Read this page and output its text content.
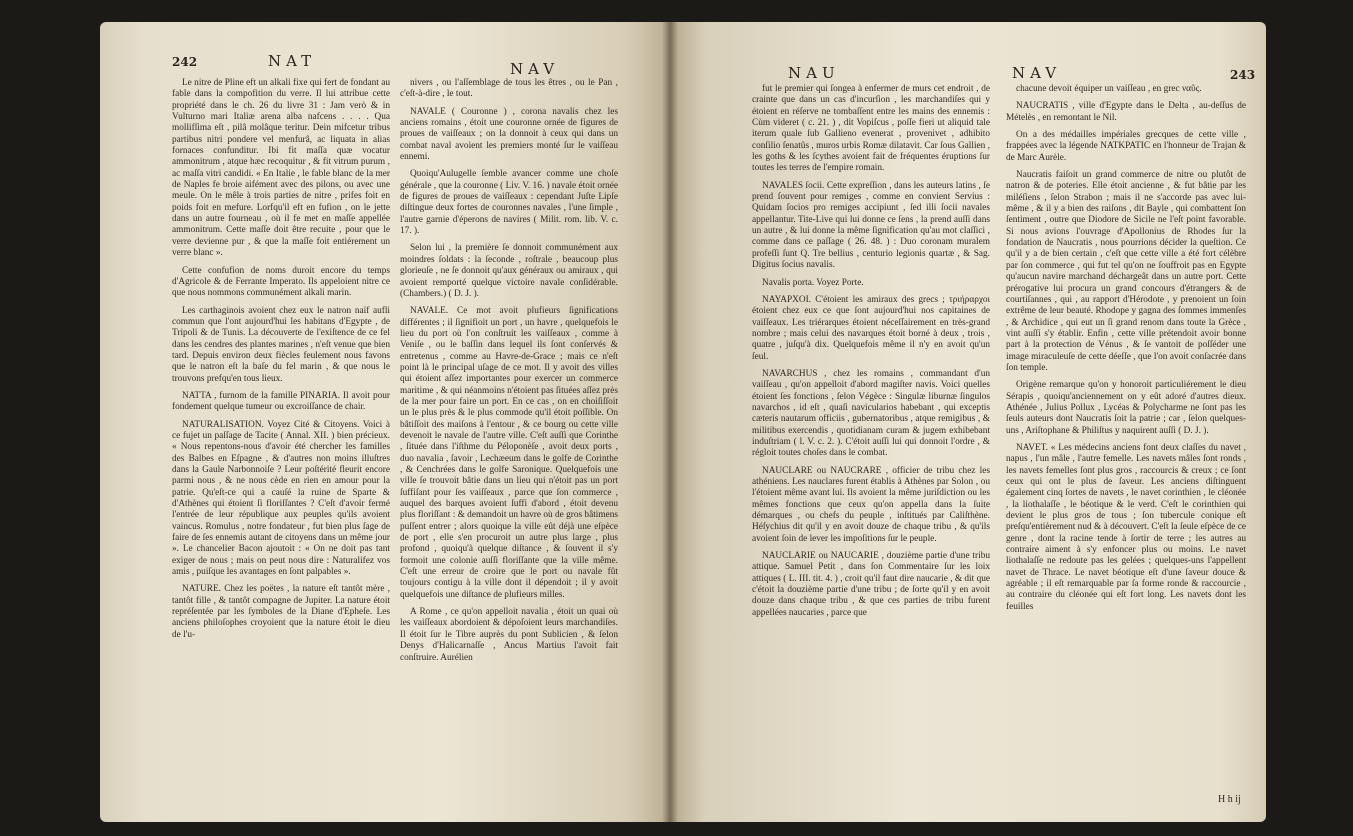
242	NAT	NAV

Le nitre de Pline eft un alkali fixe qui fert de fondant au fable dans la compofition du verre. Il lui attribue cette propriété dans le ch. 26 du livre 31 : Jam verò & in Vulturno mari Italiæ arena alba nafcens . . . . Qua mollifſima eſt , pilâ molâque teritur. Dein mifcetur tribus partibus nitri pondere vel menfurâ, ac liquata in alias fornaces confunditur. Ibi fit maſſa quæ vocatur ammonitrum , atque hæc recoquitur , & fit vitrum purum , ac maſſa vitri candidi. « En Italie , le fable blanc de la mer de Naples fe broie aifément avec des pilons, ou avec une meule. On le mêle à trois parties de nitre , prifes foit en poids foit en mefure. Lorfqu'il eft en fufion , on le jette dans un autre fourneau , où il fe met en maſſe appellée ammonitrum. Cette maſſe doit être recuite , pour que le verre devienne pur , & que la maſſe foit entiérement un verre blanc ».

Cette confufion de noms duroit encore du temps d'Agricole & de Ferrante Imperato. Ils appeloient nitre ce que nous nommons communément alkali marin.

Les carthaginois avoient chez eux le natron naïf aufli commun que l'ont aujourd'hui les habitans d'Egypte , de Tripoli & de Tunis. La découverte de l'exiſtence de ce fel dans les cendres des plantes marines , n'eſt venue que bien tard. Depuis environ deux fiècles feulement nous favons que le natron eſt la baſe du fel marin , & que nous le trouvons prefqu'en tous lieux.

NATTA , furnom de la famille PINARIA. Il avoit pour fondement quelque tumeur ou excroiſſance de chair.

NATURALISATION. Voyez Cité & Citoyens. Voici à ce fujet un paſſage de Tacite ( Annal. XII. ) bien précieux. « Nous repentons-nous d'avoir été chercher les familles des Balbes en Eſpagne , & d'autres non moins illuſtres dans la Gaule Narbonnoiſe ? Leur poſtérité fleurit encore parmi nous , & ne nous cède en rien en amour pour la patrie. Qu'eſt-ce qui a cauſé la ruine de Sparte & d'Athènes qui étoient ſi floriſſantes ? C'eſt d'avoir fermé l'entrée de leur république aux peuples qu'ils avoient vaincus. Romulus , notre fondateur , fut bien plus ſage de faire de ſes ennemis autant de citoyens dans un même jour ». Le chancelier Bacon ajoutoit : « On ne doit pas tant exiger de nous ; mais on peut nous dire : Naturalifez vos amis , puiſque les avantages en ſont palpables ».

NATURE. Chez les poëtes , la nature eſt tantôt mère , tantôt fille , & tantôt compagne de Jupiter. La nature étoit repréſentée par les ſymboles de la Diane d'Epheſe. Les anciens philoſophes croyoient que la nature étoit le dieu de l'u-

nivers , ou l'aſſemblage de tous les êtres , ou le Pan , c'eſt-à-dire , le tout.

NAVALE ( Couronne ) , corona navalis chez les anciens romains , étoit une couronne ornée de figures de proues de vaiſſeaux ; on la donnoit à ceux qui dans un combat naval avoient les premiers monté ſur le vaiſſeau ennemi.

Quoiqu'Aulugelle ſemble avancer comme une choſe générale , que la couronne ( Liv. V. 16. ) navale étoit ornée de figures de proues de vaiſſeaux : cependant Juſte Lipſe diſtingue deux fortes de couronnes navales , l'une ſimple , l'autre garnie d'éperons de navires ( Milit. rom. lib. V. c. 17. ).

Selon lui , la première ſe donnoit communément aux moindres ſoldats : la ſeconde , roſtrale , beaucoup plus glorieuſe , ne ſe donnoit qu'aux généraux ou amiraux , qui avoient remporté quelque victoire navale conſidérable. (Chambers.) ( D. J. ).

NAVALE. Ce mot avoit plufieurs ſignifications différentes ; il ſignifioit un port , un havre , quelquefois le lieu du port où l'on conſtruit les vaiſſeaux , comme à Veniſe , ou le baſſin dans lequel ils ſont conſervés & entretenus , comme au Havre-de-Grace ; mais ce n'eſt point là le principal uſage de ce mot. Il y avoit des villes qui étoient aſſez importantes pour exercer un commerce maritime , & qui néanmoins n'étoient pas ſituées aſſez près de la mer pour faire un port. En ce cas , on en choiſiſſoit un le plus près & le plus commode qu'il étoit poſſible. On bâtiſſoit des maiſons à l'entour , & ce bourg ou cette ville devenoit le navale de l'autre ville. C'eſt auſſi que Corinthe , ſituée dans l'iſthme du Péloponèſe , avoit deux ports , duo navalia , ſavoir , Lechæeum dans le golfe de Corinthe , & Cenchrées dans le golfe Saronique. Quelquefois une ville ſe trouvoit bâtie dans un lieu qui n'étoit pas un port ſuffiſant pour ſes vaiſſeaux , parce que ſon commerce , auquel des barques avoient ſuffi d'abord , étoit devenu plus floriſſant : & demandoit un havre où de gros bâtimens puſſent entrer ; alors quoique la ville eût déjà une eſpèce de port , elle s'en procuroit un autre plus large , plus profond , quoiqu'à quelque diſtance , & ſouvent il s'y formoit une colonie auſſi floriſſante que la ville même. C'eſt une erreur de croire que le port ou navale fût toujours contigu à la ville dont il dépendoit ; il y avoit quelquefois une diſtance de plufieurs milles.

A Rome , ce qu'on appelloit navalia , étoit un quai où les vaiſſeaux abordoient & dépoſoient leurs marchandiſes. Il étoit ſur le Tibre auprès du pont Sublicien , & ſelon Denys d'Halicarnaſſe , Ancus Martius l'avoit fait conſtruire. Aurélien

NAU	NAV	243

fut le premier qui ſongea à enfermer de murs cet endroit , de crainte que dans un cas d'incurſion , les marchandiſes qui y étoient en réſerve ne tombaſſent entre les mains des ennemis : Cùm videret ( c. 21. ) , dit Vopiſcus , poſſe fieri ut aliquid tale iterum quale ſub Gallieno evenerat , provenivet , adhibito conſilio ſenatûs , muros urbis Romæ dilatavit. Car ſous Gallien , les goths & les ſcythes avoient fait de fréquentes éruptions ſur toutes les terres de l'empire romain.

NAVALES ſocii. Cette expreſſion , dans les auteurs latins , ſe prend ſouvent pour remiges , comme en convient Servius : Quidam ſocios pro remiges accipiunt , ſed illi ſocii navales appellantur. Tite-Live qui lui donne ce ſens , la prend auſſi dans un autre , & lui donne la même ſignification qu'au mot claſſici , comme dans ce paſſage ( 26. 48. ) : Duo coronam muralem profeſſi ſunt Q. Tre bellius , centurio legionis quartæ , & Sag. Digitus ſocius navalis.

Navalis porta. Voyez Porte.

NAYAPXOI. C'étoient les amiraux des grecs ; τριήραρχοι étoient chez eux ce que ſont aujourd'hui nos capitaines de vaiſſeaux. Les triérarques étoient néceſſairement en très-grand nombre ; mais celui des navarques étoit borné à deux , trois , quatre , juſqu'à dix. Quelquefois même il n'y en avoit qu'un ſeul.

NAVARCHUS , chez les romains , commandant d'un vaiſſeau , qu'on appelloit d'abord magiſter navis. Voici quelles étoient ſes fonctions , ſelon Végèce : Singulæ liburnæ ſingulos navarchos , id eſt , quaſi navicularios habebant , qui exceptis cæteris nautarum officiis , gubernatoribus , atque remigibus , & militibus exercendis , quotidianam curam & jugem exhibebant induſtriam ( l. V. c. 2. ). C'étoit auſſi lui qui donnoit l'ordre , & régloit toutes choſes dans le combat.

NAUCLARE ou NAUCRARE , officier de tribu chez les athéniens. Les nauclares furent établis à Athènes par Solon , ou l'étoient même avant lui. Ils avoient la même juriſdiction ou les mêmes fonctions que ceux qu'on appella dans la ſuite démarques , ou chefs du peuple , inſtitués par Caliſthène. Héſychius dit qu'il y en avoit douze de chaque tribu , & qu'ils avoient ſoin de lever les impoſitions ſur le peuple.

NAUCLARIE ou NAUCARIE , douzième partie d'une tribu attique. Samuel Petit , dans ſon Commentaire ſur les loix attiques ( L. III. tit. 4. ) , croit qu'il faut dire naucarie , & dit que c'étoit la douzième partie d'une tribu ; de ſorte qu'il y en avoit douze dans chaque tribu , & que ces parties de tribu furent appellées naucaries , parce que

chacune devoit équiper un vaiſſeau , en grec ναῦς.

NAUCRATIS , ville d'Egypte dans le Delta , au-deſſus de Mételès , en remontant le Nil.

On a des médailles impériales grecques de cette ville , frappées avec la légende NATKPATIC en l'honneur de Trajan & de Marc Aurèle.

Naucratis faiſoit un grand commerce de nitre ou plutôt de natron & de poteries. Elle étoit ancienne , & fut bâtie par les miléſiens , ſelon Strabon ; mais il ne s'accorde pas avec lui-même , & il y a bien des raiſons , dit Bayle , qui combattent ſon ſentiment , outre que Diodore de Sicile ne l'eſt point favorable. Si nous avions l'ouvrage d'Apollonius de Rhodes ſur la fondation de Naucratis , nous pourrions décider la queſtion. Ce qu'il y a de bien certain , c'eſt que cette ville a été fort célèbre par ſon commerce , qui fut tel qu'on ne ſouffroit pas en Egypte qu'aucun navire marchand déchargeât dans un autre port. Cette prérogative lui procura un grand concours d'étrangers & de courtiſannes , qui , au rapport d'Hérodote , y prenoient un ſoin extrême de leur beauté. Rhodope y gagna des ſommes immenſes , & Archidice , qui eut un ſi grand renom dans toute la Grèce , vint auſſi s'y établir. Enfin , cette ville prétendoit avoir bonne part à la protection de Vénus , & ſe vantoit de poſſéder une image miraculeuſe de cette déeſſe , que l'on avoit conſacrée dans ſon temple.

Origène remarque qu'on y honoroit particuliérement le dieu Sérapis , quoiqu'anciennement on y eût adoré d'autres dieux. Athénée , Julius Pollux , Lycéas & Polycharme ne ſont pas les ſeuls auteurs dont Naucratis ſoit la patrie ; car , ſelon quelques-uns , Ariſtophane & Philiſtus y naquirent auſſi ( D. J. ).

NAVET. « Les médecins anciens font deux claſſes du navet , napus , l'un mâle , l'autre femelle. Les navets mâles ſont ronds , les navets femelles ſont plus gros , raccourcis & creux ; ce ſont ceux qui ont le plus de ſaveur. Les anciens diſtinguent également cinq ſortes de navets , le navet corinthien , le cléonée , la liothalaſſe , le béotique & le verd. C'eſt le corinthien qui devient le plus gros de tous ; ſon tubercule conique eſt preſqu'entièrement nud & à découvert. C'eſt la ſeule eſpèce de ce genre , dont la racine tende à ſortir de terre ; les autres au contraire aiment à s'y enfoncer plus ou moins. Le navet liothalaſſe ne redoute pas les gelées ; quelques-uns l'appellent navet de Thrace. Le navet béotique eſt d'une ſaveur douce & agréable ; il eſt remarquable par ſa forme ronde & raccourcie , au contraire du cléonée qui eſt fort long. Les navets dont les feuilles

H h ij
